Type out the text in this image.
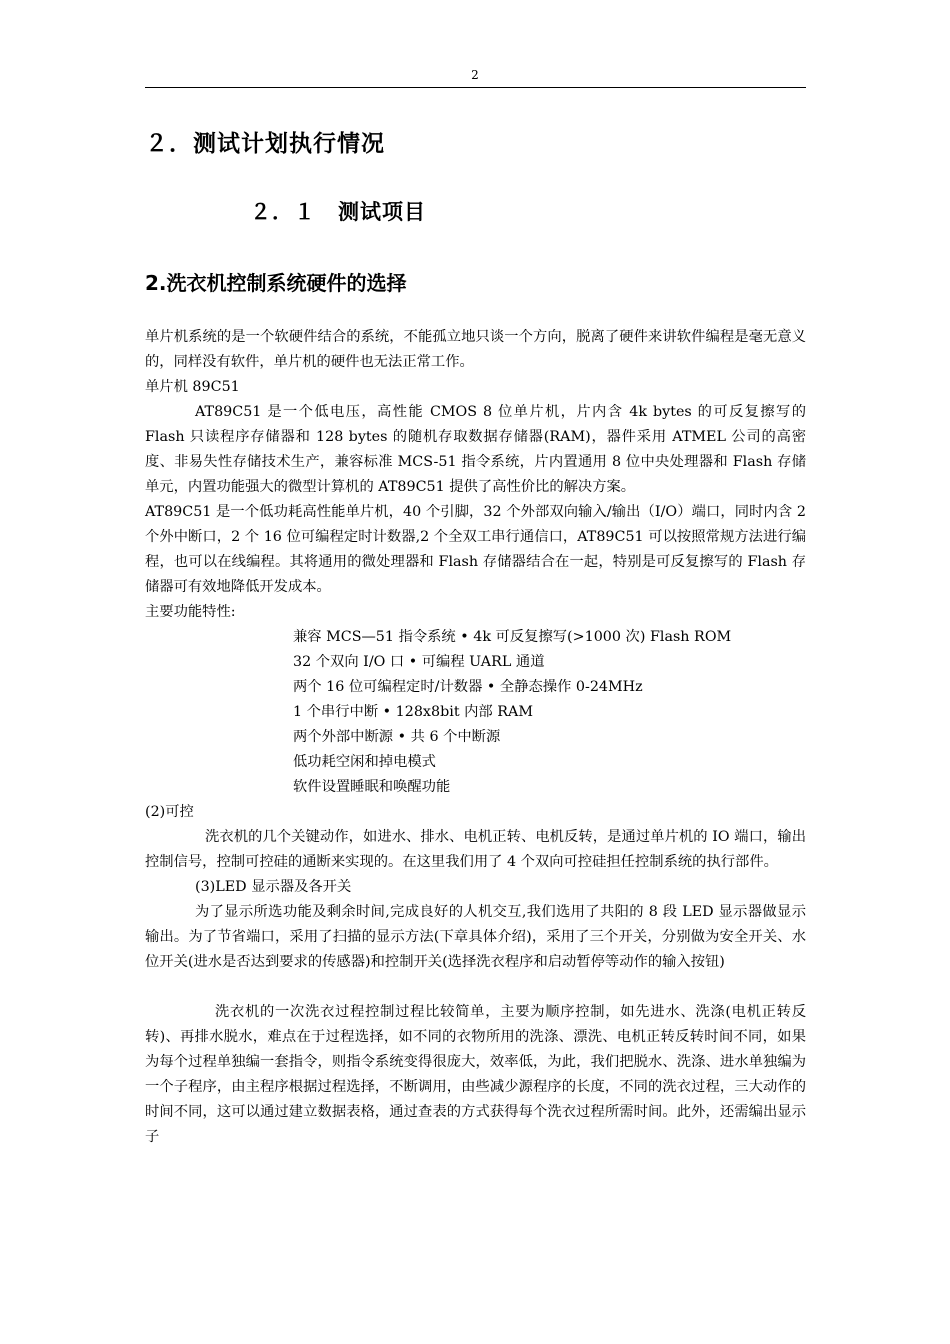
2
２．测试计划执行情况
２．１　测试项目
2.洗衣机控制系统硬件的选择

单片机系统的是一个软硬件结合的系统，不能孤立地只谈一个方向，脱离了硬件来讲软件编程是毫无意义的，同样没有软件，单片机的硬件也无法正常工作。

单片机 89C51

AT89C51 是一个低电压，高性能 CMOS 8 位单片机，片内含 4k bytes 的可反复擦写的 Flash 只读程序存储器和 128 bytes 的随机存取数据存储器(RAM)，器件采用 ATMEL 公司的高密度、非易失性存储技术生产，兼容标准 MCS-51 指令系统，片内置通用 8 位中央处理器和 Flash 存储单元，内置功能强大的微型计算机的 AT89C51 提供了高性价比的解决方案。

AT89C51 是一个低功耗高性能单片机，40 个引脚，32 个外部双向输入/输出（I/O）端口，同时内含 2 个外中断口，2 个 16 位可编程定时计数器,2 个全双工串行通信口，AT89C51 可以按照常规方法进行编程，也可以在线编程。其将通用的微处理器和 Flash 存储器结合在一起，特别是可反复擦写的 Flash 存储器可有效地降低开发成本。

主要功能特性:

兼容 MCS—51 指令系统 • 4k 可反复擦写(>1000 次) Flash ROM
32 个双向 I/O 口 • 可编程 UARL 通道
两个 16 位可编程定时/计数器 • 全静态操作 0-24MHz
1 个串行中断 • 128x8bit 内部 RAM
两个外部中断源 • 共 6 个中断源
低功耗空闲和掉电模式
软件设置睡眠和唤醒功能

(2)可控

洗衣机的几个关键动作，如进水、排水、电机正转、电机反转，是通过单片机的 IO 端口，输出控制信号，控制可控硅的通断来实现的。在这里我们用了 4 个双向可控硅担任控制系统的执行部件。

(3)LED 显示器及各开关

为了显示所选功能及剩余时间,完成良好的人机交互,我们选用了共阳的 8 段 LED 显示器做显示输出。为了节省端口，采用了扫描的显示方法(下章具体介绍)，采用了三个开关，分别做为安全开关、水位开关(进水是否达到要求的传感器)和控制开关(选择洗衣程序和启动暂停等动作的输入按钮)

洗衣机的一次洗衣过程控制过程比较简单，主要为顺序控制，如先进水、洗涤(电机正转反转)、再排水脱水，难点在于过程选择，如不同的衣物所用的洗涤、漂洗、电机正转反转时间不同，如果为每个过程单独编一套指令，则指令系统变得很庞大，效率低，为此，我们把脱水、洗涤、进水单独编为一个子程序，由主程序根据过程选择，不断调用，由些减少源程序的长度，不同的洗衣过程，三大动作的时间不同，这可以通过建立数据表格，通过查表的方式获得每个洗衣过程所需时间。此外，还需编出显示子
